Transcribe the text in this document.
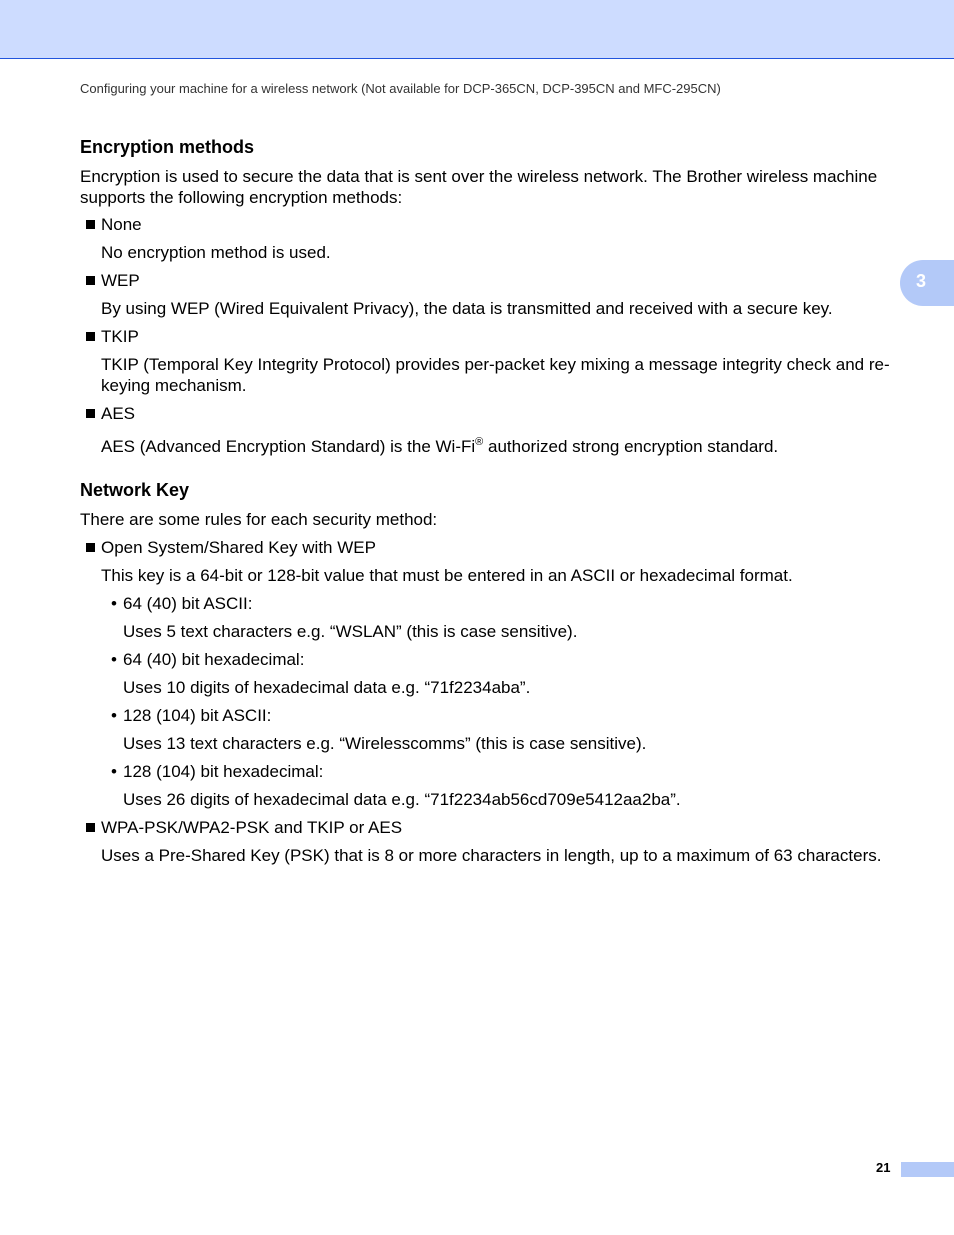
Configuring your machine for a wireless network (Not available for DCP-365CN, DCP-395CN and MFC-295CN)
3
Encryption methods
Encryption is used to secure the data that is sent over the wireless network. The Brother wireless machine supports the following encryption methods:
None
No encryption method is used.
WEP
By using WEP (Wired Equivalent Privacy), the data is transmitted and received with a secure key.
TKIP
TKIP (Temporal Key Integrity Protocol) provides per-packet key mixing a message integrity check and re-keying mechanism.
AES
AES (Advanced Encryption Standard) is the Wi-Fi® authorized strong encryption standard.
Network Key
There are some rules for each security method:
Open System/Shared Key with WEP
This key is a 64-bit or 128-bit value that must be entered in an ASCII or hexadecimal format.
• 64 (40) bit ASCII:
Uses 5 text characters e.g. “WSLAN” (this is case sensitive).
• 64 (40) bit hexadecimal:
Uses 10 digits of hexadecimal data e.g. “71f2234aba”.
• 128 (104) bit ASCII:
Uses 13 text characters e.g. “Wirelesscomms” (this is case sensitive).
• 128 (104) bit hexadecimal:
Uses 26 digits of hexadecimal data e.g. “71f2234ab56cd709e5412aa2ba”.
WPA-PSK/WPA2-PSK and TKIP or AES
Uses a Pre-Shared Key (PSK) that is 8 or more characters in length, up to a maximum of 63 characters.
21
